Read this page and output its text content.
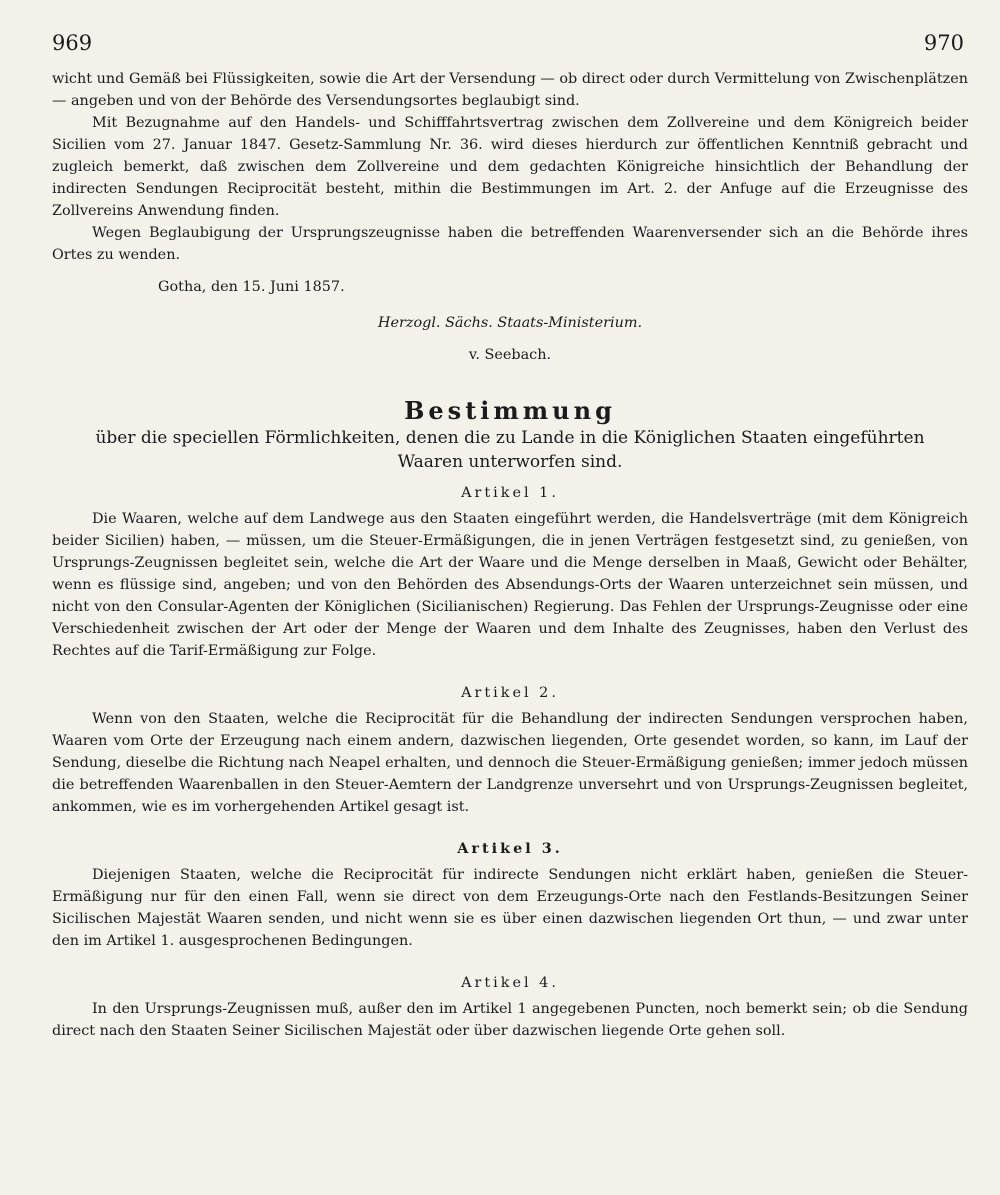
969	970

wicht und Gemäß bei Flüssigkeiten, sowie die Art der Versendung — ob direct oder durch Vermittelung von Zwischenplätzen — angeben und von der Behörde des Versendungsortes beglaubigt sind.

Mit Bezugnahme auf den Handels- und Schifffahrtsvertrag zwischen dem Zollvereine und dem Königreich beider Sicilien vom 27. Januar 1847. Gesetz-Sammlung Nr. 36. wird dieses hierdurch zur öffentlichen Kenntniß gebracht und zugleich bemerkt, daß zwischen dem Zollvereine und dem gedachten Königreiche hinsichtlich der Behandlung der indirecten Sendungen Reciprocität besteht, mithin die Bestimmungen im Art. 2. der Anfuge auf die Erzeugnisse des Zollvereins Anwendung finden.

Wegen Beglaubigung der Ursprungszeugnisse haben die betreffenden Waarenversender sich an die Behörde ihres Ortes zu wenden.

Gotha, den 15. Juni 1857.
Herzogl. Sächs. Staats-Ministerium.
v. Seebach.
Bestimmung
über die speciellen Förmlichkeiten, denen die zu Lande in die Königlichen Staaten eingeführten Waaren unterworfen sind.
Artikel 1.

Die Waaren, welche auf dem Landwege aus den Staaten eingeführt werden, die Handelsverträge (mit dem Königreich beider Sicilien) haben, — müssen, um die Steuer-Ermäßigungen, die in jenen Verträgen festgesetzt sind, zu genießen, von Ursprungs-Zeugnissen begleitet sein, welche die Art der Waare und die Menge derselben in Maaß, Gewicht oder Behälter, wenn es flüssige sind, angeben; und von den Behörden des Absendungs-Orts der Waaren unterzeichnet sein müssen, und nicht von den Consular-Agenten der Königlichen (Sicilianischen) Regierung. Das Fehlen der Ursprungs-Zeugnisse oder eine Verschiedenheit zwischen der Art oder der Menge der Waaren und dem Inhalte des Zeugnisses, haben den Verlust des Rechtes auf die Tarif-Ermäßigung zur Folge.

Artikel 2.

Wenn von den Staaten, welche die Reciprocität für die Behandlung der indirecten Sendungen versprochen haben, Waaren vom Orte der Erzeugung nach einem andern, dazwischen liegenden, Orte gesendet worden, so kann, im Lauf der Sendung, dieselbe die Richtung nach Neapel erhalten, und dennoch die Steuer-Ermäßigung genießen; immer jedoch müssen die betreffenden Waarenballen in den Steuer-Aemtern der Landgrenze unversehrt und von Ursprungs-Zeugnissen begleitet, ankommen, wie es im vorhergehenden Artikel gesagt ist.

Artikel 3.

Diejenigen Staaten, welche die Reciprocität für indirecte Sendungen nicht erklärt haben, genießen die Steuer-Ermäßigung nur für den einen Fall, wenn sie direct von dem Erzeugungs-Orte nach den Festlands-Besitzungen Seiner Sicilischen Majestät Waaren senden, und nicht wenn sie es über einen dazwischen liegenden Ort thun, — und zwar unter den im Artikel 1. ausgesprochenen Bedingungen.

Artikel 4.

In den Ursprungs-Zeugnissen muß, außer den im Artikel 1 angegebenen Puncten, noch bemerkt sein; ob die Sendung direct nach den Staaten Seiner Sicilischen Majestät oder über dazwischen liegende Orte gehen soll.
